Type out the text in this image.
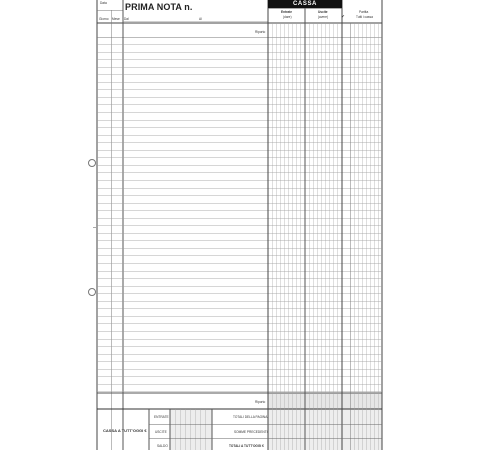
Data PRIMA NOTA n.
Giorno Mese Dal	Al
Riporto
CASSA
Entrate
(dare)
Uscite
(avere)	✔
Partita
Tutti i cassa
Riporto
CASSA A TUTT'OGGI €
ENTRATE
USCITE
SALDO
TOTALI DELLA PAGINA
SOMME PRECEDENTI
TOTALI A TUTT'OGGI €
